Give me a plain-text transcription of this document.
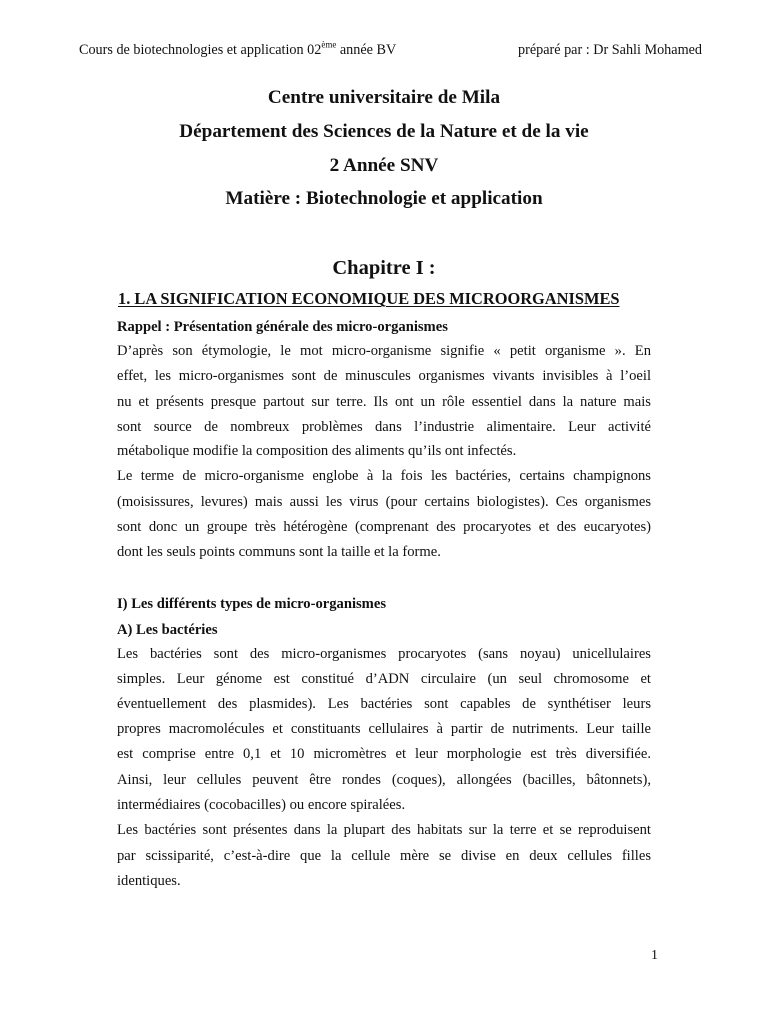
Cours de biotechnologies et application 02ème année BV	préparé par : Dr Sahli Mohamed
Centre universitaire de Mila
Département des Sciences de la Nature et de la vie
2 Année SNV
Matière : Biotechnologie et application
Chapitre I :
1. LA SIGNIFICATION ECONOMIQUE DES MICROORGANISMES
Rappel : Présentation générale des micro-organismes
D’après son étymologie, le mot micro-organisme signifie « petit organisme ». En
effet, les micro-organismes sont de minuscules organismes vivants invisibles à l’oeil
nu et présents presque partout sur terre. Ils ont un rôle essentiel dans la nature mais
sont source de nombreux problèmes dans l’industrie alimentaire. Leur activité
métabolique modifie la composition des aliments qu’ils ont infectés.
Le terme de micro-organisme englobe à la fois les bactéries, certains champignons
(moisissures, levures) mais aussi les virus (pour certains biologistes). Ces organismes
sont donc un groupe très hétérogène (comprenant des procaryotes et des eucaryotes)
dont les seuls points communs sont la taille et la forme.
I) Les différents types de micro-organismes
A) Les bactéries
Les bactéries sont des micro-organismes procaryotes (sans noyau) unicellulaires
simples. Leur génome est constitué d’ADN circulaire (un seul chromosome et
éventuellement des plasmides). Les bactéries sont capables de synthétiser leurs
propres macromolécules et constituants cellulaires à partir de nutriments. Leur taille
est comprise entre 0,1 et 10 micromètres et leur morphologie est très diversifiée.
Ainsi, leur cellules peuvent être rondes (coques), allongées (bacilles, bâtonnets),
intermédiaires (cocobacilles) ou encore spiralées.
Les bactéries sont présentes dans la plupart des habitats sur la terre et se reproduisent
par scissiparité, c’est-à-dire que la cellule mère se divise en deux cellules filles
identiques.
1
